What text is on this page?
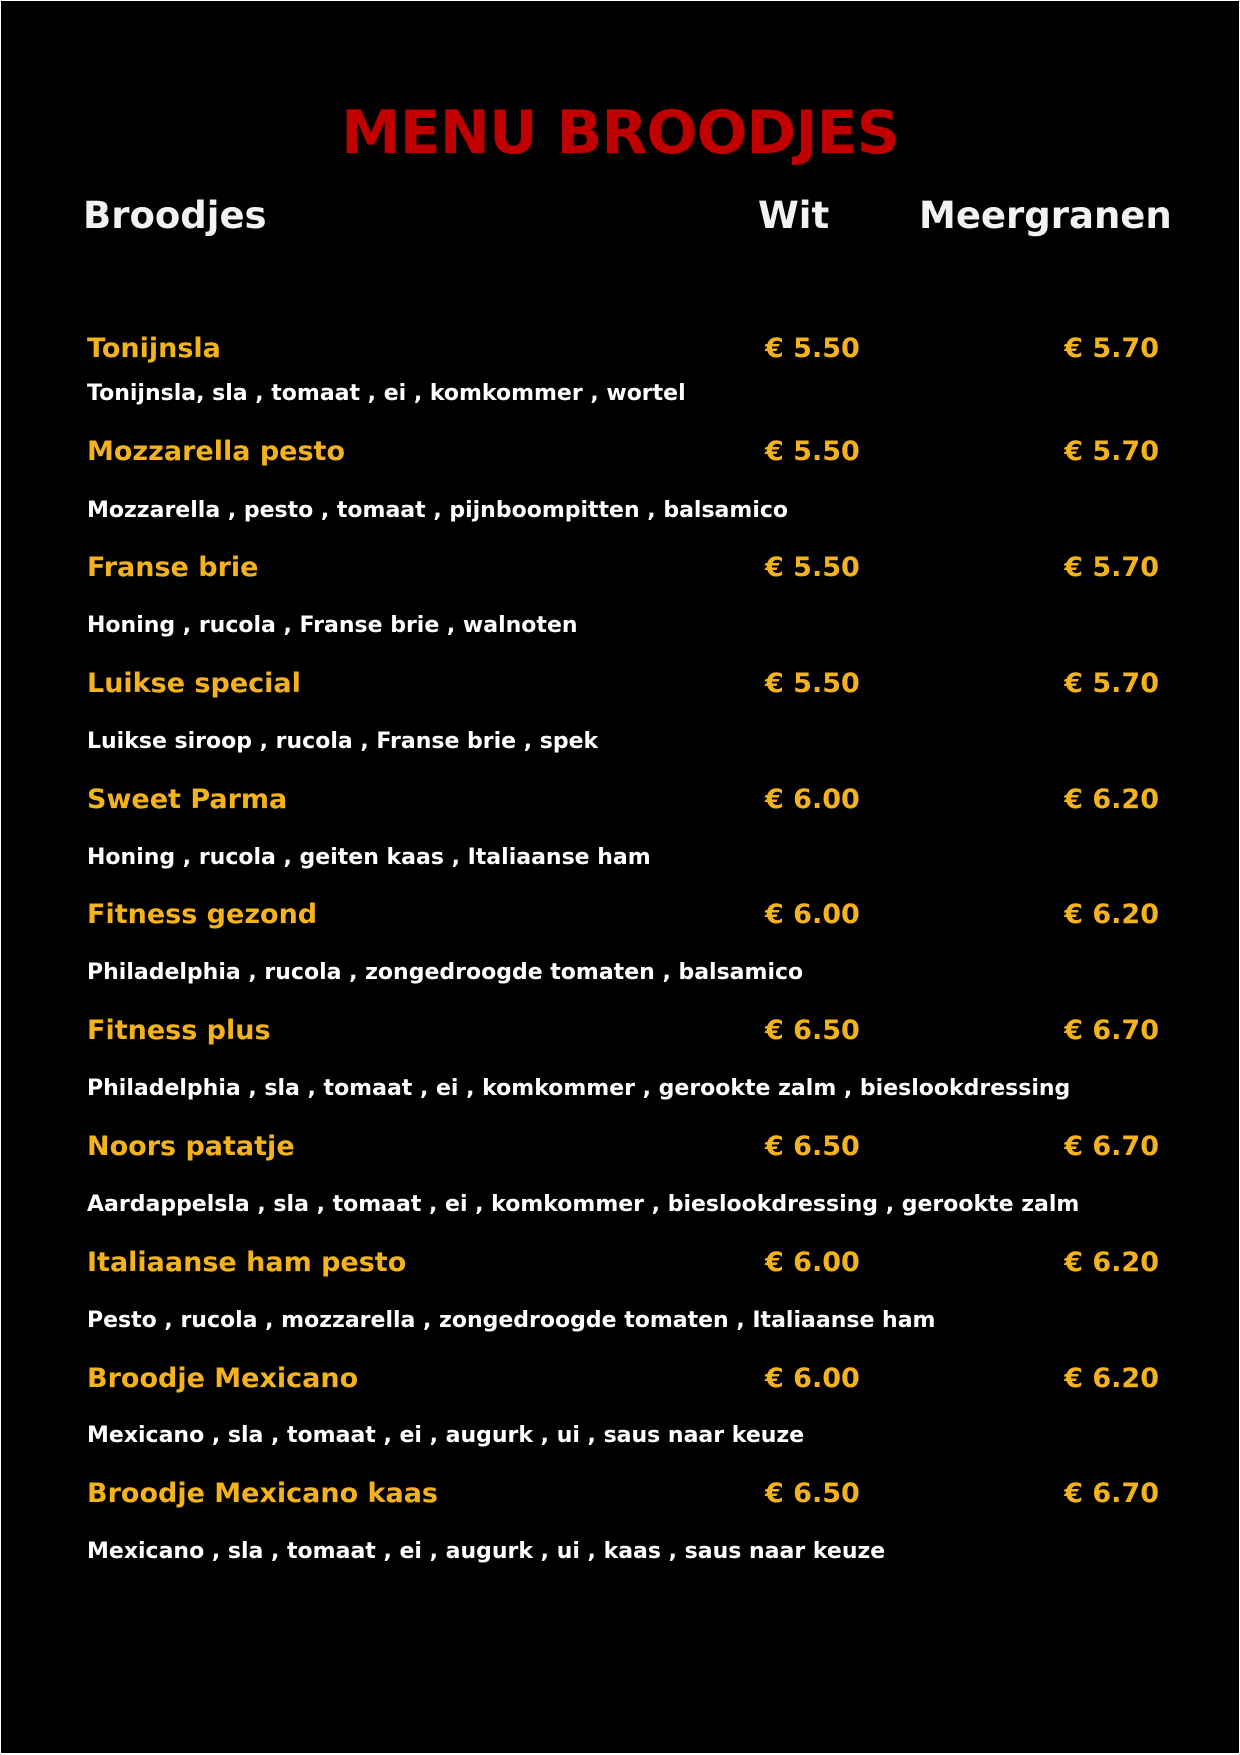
MENU BROODJES
Broodjes	Wit Meergranen
Tonijnsla	€ 5.50	€ 5.70
Tonijnsla, sla , tomaat , ei , komkommer , wortel
Mozzarella pesto	€ 5.50	€ 5.70
Mozzarella , pesto , tomaat , pijnboompitten , balsamico
Franse brie	€ 5.50	€ 5.70
Honing , rucola , Franse brie , walnoten
Luikse special	€ 5.50	€ 5.70
Luikse siroop , rucola , Franse brie , spek
Sweet Parma	€ 6.00	€ 6.20
Honing , rucola , geiten kaas , Italiaanse ham
Fitness gezond	€ 6.00	€ 6.20
Philadelphia , rucola , zongedroogde tomaten , balsamico
Fitness plus	€ 6.50	€ 6.70
Philadelphia , sla , tomaat , ei , komkommer , gerookte zalm , bieslookdressing
Noors patatje	€ 6.50	€ 6.70
Aardappelsla , sla , tomaat , ei , komkommer , bieslookdressing , gerookte zalm
Italiaanse ham pesto	€ 6.00	€ 6.20
Pesto , rucola , mozzarella , zongedroogde tomaten , Italiaanse ham
Broodje Mexicano	€ 6.00	€ 6.20
Mexicano , sla , tomaat , ei , augurk , ui , saus naar keuze
Broodje Mexicano kaas	€ 6.50	€ 6.70
Mexicano , sla , tomaat , ei , augurk , ui , kaas , saus naar keuze
